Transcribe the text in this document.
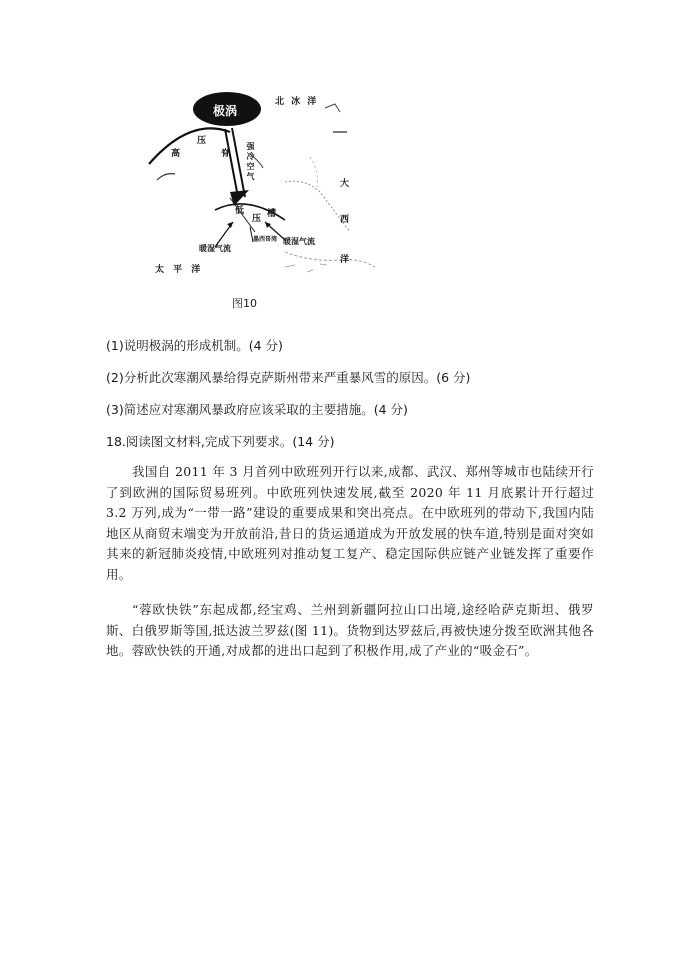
极涡
北 冰 洋
高
压
脊 强冷空气
大
西
洋
低
压 槽
暖湿气流
墨西哥湾 暖湿气流
太 平 洋
图10
(1)说明极涡的形成机制。(4 分)
(2)分析此次寒潮风暴给得克萨斯州带来严重暴风雪的原因。(6 分)
(3)简述应对寒潮风暴政府应该采取的主要措施。(4 分)
18.阅读图文材料,完成下列要求。(14 分)
我国自 2011 年 3 月首列中欧班列开行以来,成都、武汉、郑州等城市也陆续开行了到欧洲的国际贸易班列。中欧班列快速发展,截至 2020 年 11 月底累计开行超过 3.2 万列,成为“一带一路”建设的重要成果和突出亮点。在中欧班列的带动下,我国内陆地区从商贸末端变为开放前沿,昔日的货运通道成为开放发展的快车道,特别是面对突如其来的新冠肺炎疫情,中欧班列对推动复工复产、稳定国际供应链产业链发挥了重要作用。
“蓉欧快铁”东起成都,经宝鸡、兰州到新疆阿拉山口出境,途经哈萨克斯坦、俄罗斯、白俄罗斯等国,抵达波兰罗兹(图 11)。货物到达罗兹后,再被快速分拨至欧洲其他各地。蓉欧快铁的开通,对成都的进出口起到了积极作用,成了产业的“吸金石”。
